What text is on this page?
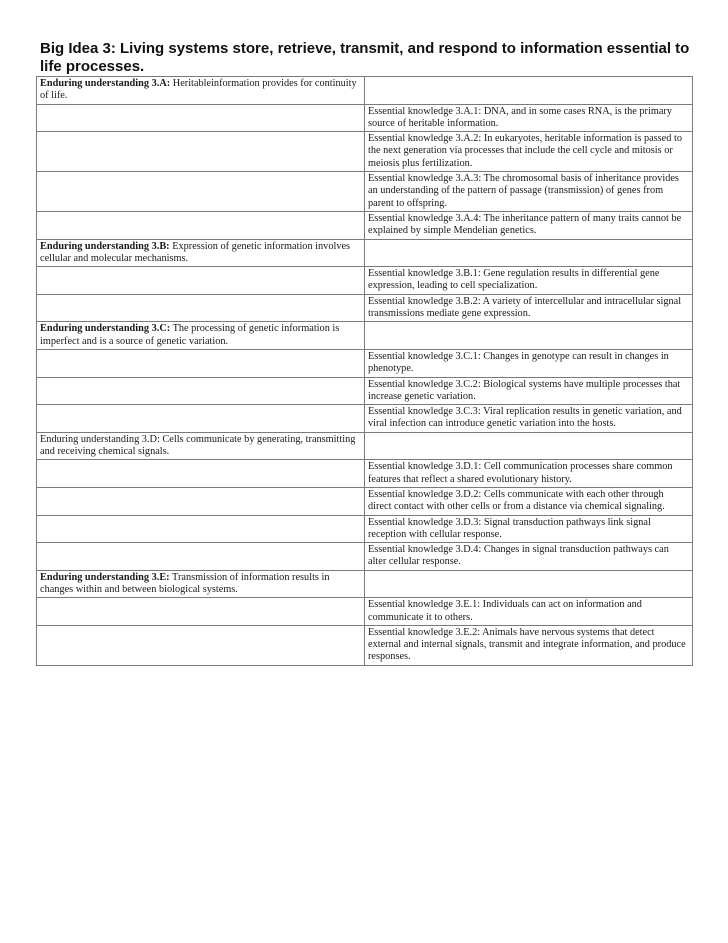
Big Idea 3: Living systems store, retrieve, transmit, and respond to information essential to life processes.
Enduring understanding 3.A: Heritableinformation provides for continuity of life.	
	Essential knowledge 3.A.1: DNA, and in some cases RNA, is the primary source of heritable information.
	Essential knowledge 3.A.2: In eukaryotes, heritable information is passed to the next generation via processes that include the cell cycle and mitosis or meiosis plus fertilization.
	Essential knowledge 3.A.3: The chromosomal basis of inheritance provides an understanding of the pattern of passage (transmission) of genes from parent to offspring.
	Essential knowledge 3.A.4: The inheritance pattern of many traits cannot be explained by simple Mendelian genetics.
Enduring understanding 3.B: Expression of genetic information involves cellular and molecular mechanisms.	
	Essential knowledge 3.B.1: Gene regulation results in differential gene expression, leading to cell specialization.
	Essential knowledge 3.B.2: A variety of intercellular and intracellular signal transmissions mediate gene expression.
Enduring understanding 3.C: The processing of genetic information is imperfect and is a source of genetic variation.	
	Essential knowledge 3.C.1: Changes in genotype can result in changes in phenotype.
	Essential knowledge 3.C.2: Biological systems have multiple processes that increase genetic variation.
	Essential knowledge 3.C.3: Viral replication results in genetic variation, and viral infection can introduce genetic variation into the hosts.
Enduring understanding 3.D: Cells communicate by generating, transmitting and receiving chemical signals.	
	Essential knowledge 3.D.1: Cell communication processes share common features that reflect a shared evolutionary history.
	Essential knowledge 3.D.2: Cells communicate with each other through direct contact with other cells or from a distance via chemical signaling.
	Essential knowledge 3.D.3: Signal transduction pathways link signal reception with cellular response.
	Essential knowledge 3.D.4: Changes in signal transduction pathways can alter cellular response.
Enduring understanding 3.E: Transmission of information results in changes within and between biological systems.	
	Essential knowledge 3.E.1: Individuals can act on information and communicate it to others.
	Essential knowledge 3.E.2: Animals have nervous systems that detect external and internal signals, transmit and integrate information, and produce responses.
